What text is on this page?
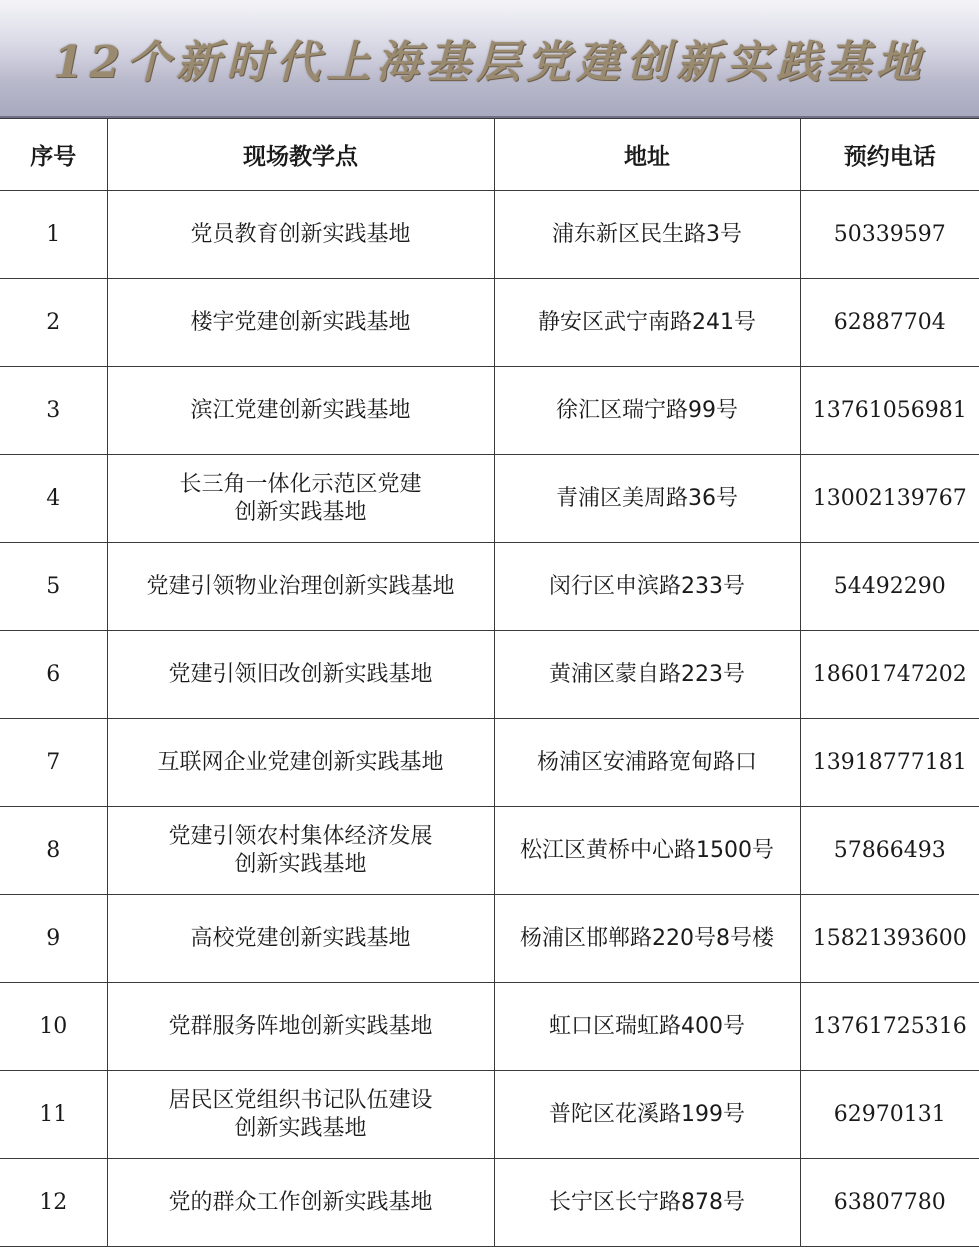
12个新时代上海基层党建创新实践基地
序号	现场教学点	地址	预约电话
1	党员教育创新实践基地	浦东新区民生路3号	50339597
2	楼宇党建创新实践基地	静安区武宁南路241号	62887704
3	滨江党建创新实践基地	徐汇区瑞宁路99号	13761056981
4	长三角一体化示范区党建
创新实践基地	青浦区美周路36号	13002139767
5	党建引领物业治理创新实践基地	闵行区申滨路233号	54492290
6	党建引领旧改创新实践基地	黄浦区蒙自路223号	18601747202
7	互联网企业党建创新实践基地	杨浦区安浦路宽甸路口	13918777181
8	党建引领农村集体经济发展
创新实践基地	松江区黄桥中心路1500号	57866493
9	高校党建创新实践基地	杨浦区邯郸路220号8号楼	15821393600
10	党群服务阵地创新实践基地	虹口区瑞虹路400号	13761725316
11	居民区党组织书记队伍建设
创新实践基地	普陀区花溪路199号	62970131
12	党的群众工作创新实践基地	长宁区长宁路878号	63807780
